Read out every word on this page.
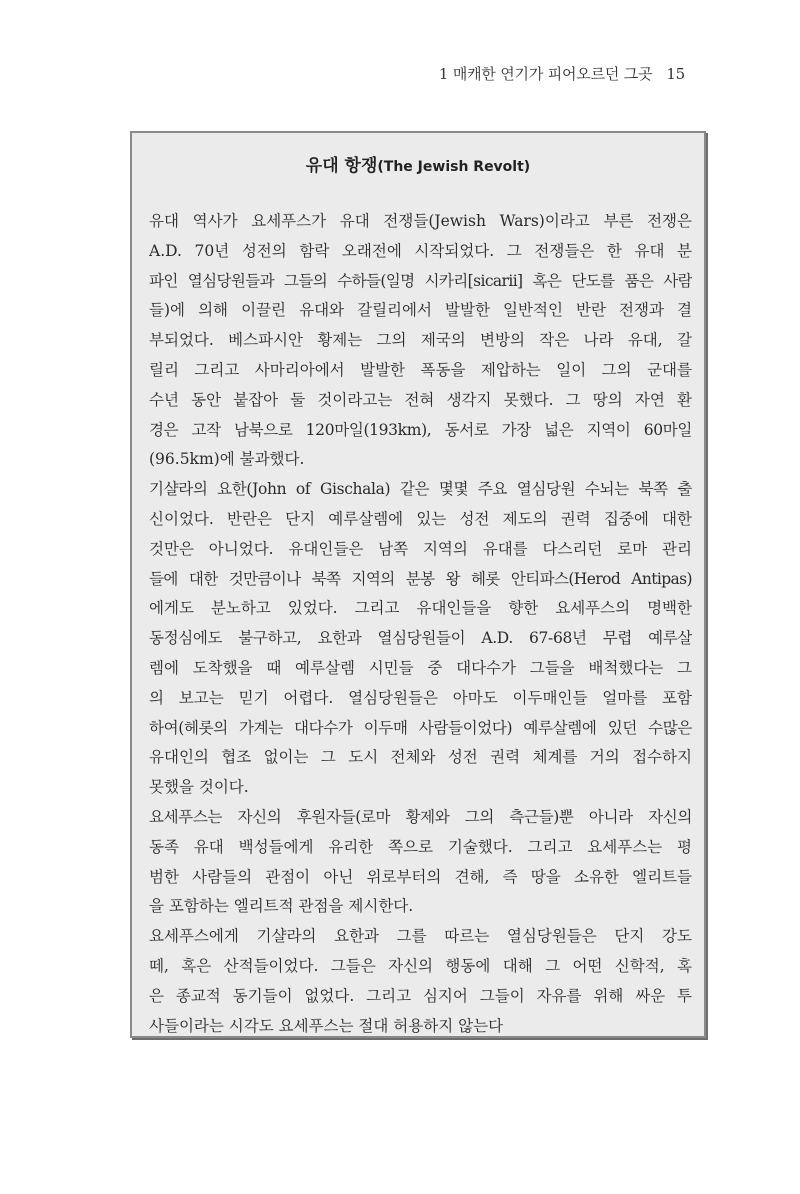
1 매캐한 연기가 피어오르던 그곳 15
유대 항쟁(The Jewish Revolt)
유대 역사가 요세푸스가 유대 전쟁들(Jewish Wars)이라고 부른 전쟁은
A.D. 70년 성전의 함락 오래전에 시작되었다. 그 전쟁들은 한 유대 분
파인 열심당원들과 그들의 수하들(일명 시카리[sicarii] 혹은 단도를 품은 사람
들)에 의해 이끌린 유대와 갈릴리에서 발발한 일반적인 반란 전쟁과 결
부되었다. 베스파시안 황제는 그의 제국의 변방의 작은 나라 유대, 갈
릴리 그리고 사마리아에서 발발한 폭동을 제압하는 일이 그의 군대를
수년 동안 붙잡아 둘 것이라고는 전혀 생각지 못했다. 그 땅의 자연 환
경은 고작 남북으로 120마일(193km), 동서로 가장 넓은 지역이 60마일
(96.5km)에 불과했다.
기샬라의 요한(John of Gischala) 같은 몇몇 주요 열심당원 수뇌는 북쪽 출
신이었다. 반란은 단지 예루살렘에 있는 성전 제도의 권력 집중에 대한
것만은 아니었다. 유대인들은 남쪽 지역의 유대를 다스리던 로마 관리
들에 대한 것만큼이나 북쪽 지역의 분봉 왕 헤롯 안티파스(Herod Antipas)
에게도 분노하고 있었다. 그리고 유대인들을 향한 요세푸스의 명백한
동정심에도 불구하고, 요한과 열심당원들이 A.D. 67-68년 무렵 예루살
렘에 도착했을 때 예루살렘 시민들 중 대다수가 그들을 배척했다는 그
의 보고는 믿기 어렵다. 열심당원들은 아마도 이두매인들 얼마를 포함
하여(헤롯의 가계는 대다수가 이두매 사람들이었다) 예루살렘에 있던 수많은
유대인의 협조 없이는 그 도시 전체와 성전 권력 체계를 거의 접수하지
못했을 것이다.
요세푸스는 자신의 후원자들(로마 황제와 그의 측근들)뿐 아니라 자신의
동족 유대 백성들에게 유리한 쪽으로 기술했다. 그리고 요세푸스는 평
범한 사람들의 관점이 아닌 위로부터의 견해, 즉 땅을 소유한 엘리트들
을 포함하는 엘리트적 관점을 제시한다.
요세푸스에게 기샬라의 요한과 그를 따르는 열심당원들은 단지 강도
떼, 혹은 산적들이었다. 그들은 자신의 행동에 대해 그 어떤 신학적, 혹
은 종교적 동기들이 없었다. 그리고 심지어 그들이 자유를 위해 싸운 투
사들이라는 시각도 요세푸스는 절대 허용하지 않는다
